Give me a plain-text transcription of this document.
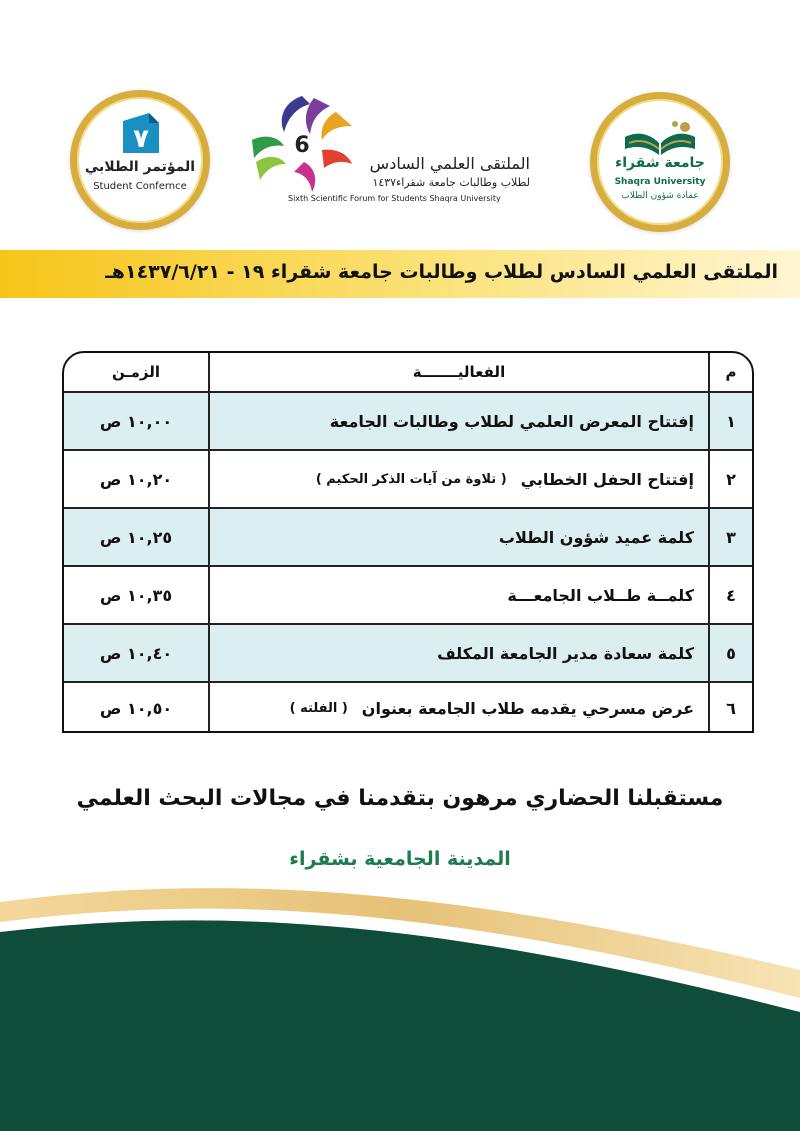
٧
المؤتمر الطلابي
Student Confernce
6
الملتقى العلمي السادس
لطلاب وطالبات جامعة شقراء١٤٣٧
Sixth Scientific Forum for Students Shaqra University
جامعة شقراء
Shaqra University
عمادة شؤون الطلاب
الملتقى العلمي السادس لطلاب وطالبات جامعة شقراء ١٩ - ١٤٣٧/٦/٢١هـ
م
الفعاليـــــــة
الزمـن
١
إفتتاح المعرض العلمي لطلاب وطالبات الجامعة
١٠,٠٠ ص
٢
إفتتاح الحفل الخطابي
( تلاوة من آيات الذكر الحكيم )
١٠,٢٠ ص
٣
كلمة عميد شؤون الطلاب
١٠,٢٥ ص
٤
كلمــة طــلاب الجامعـــة
١٠,٣٥ ص
٥
كلمة سعادة مدير الجامعة المكلف
١٠,٤٠ ص
٦
عرض مسرحي يقدمه طلاب الجامعة بعنوان
( الفلته )
١٠,٥٠ ص
مستقبلنا الحضاري مرهون بتقدمنا في مجالات البحث العلمي
المدينة الجامعية بشقراء
